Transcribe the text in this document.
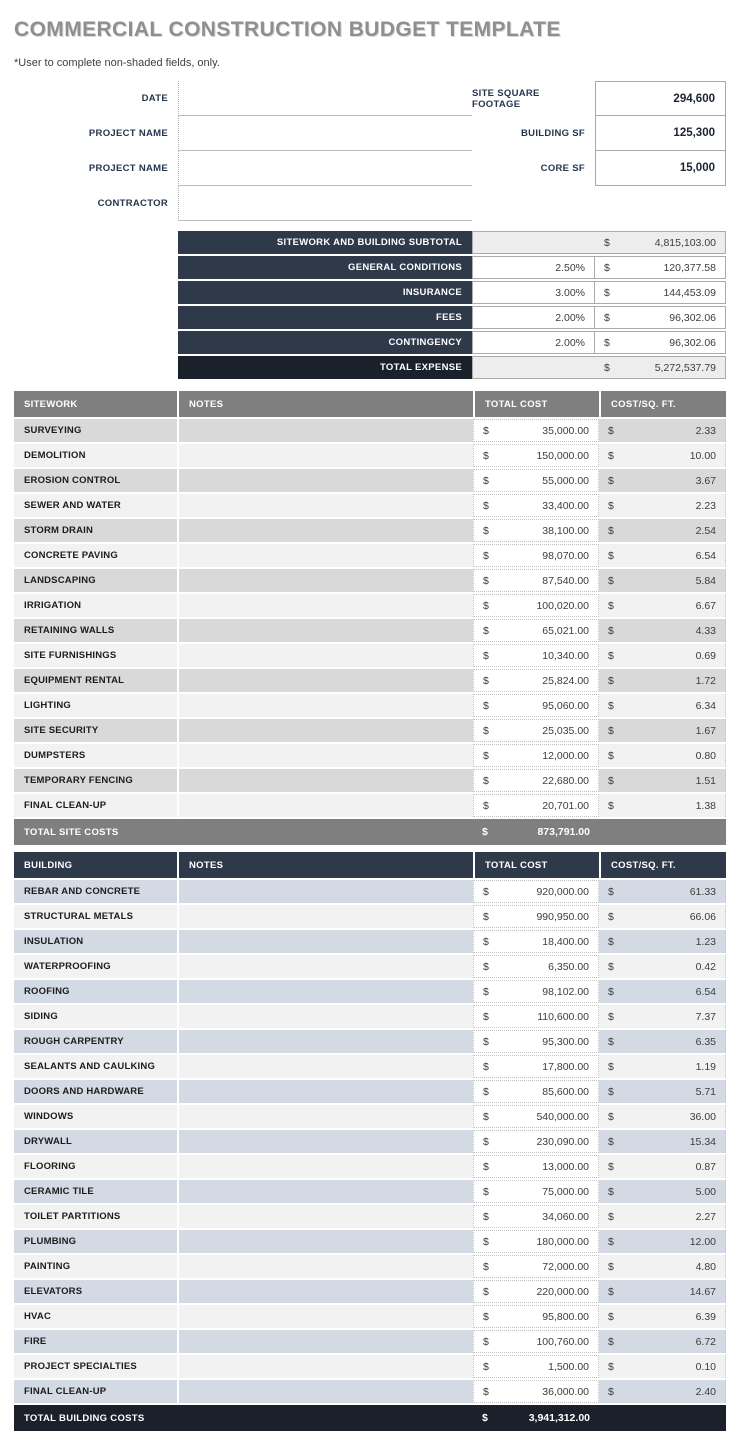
COMMERCIAL CONSTRUCTION BUDGET TEMPLATE
*User to complete non-shaded fields, only.
DATE
PROJECT NAME
PROJECT NAME
CONTRACTOR
SITE SQUARE FOOTAGE	294,600
BUILDING SF	125,300
CORE SF	15,000
SITEWORK AND BUILDING SUBTOTAL	$	4,815,103.00
GENERAL CONDITIONS	2.50%	$	120,377.58
INSURANCE	3.00%	$	144,453.09
FEES	2.00%	$	96,302.06
CONTINGENCY	2.00%	$	96,302.06
TOTAL EXPENSE	$	5,272,537.79
SITEWORK	NOTES	TOTAL COST	COST/SQ. FT.
SURVEYING	$	35,000.00 $	2.33
DEMOLITION	$	150,000.00 $	10.00
EROSION CONTROL	$	55,000.00 $	3.67
SEWER AND WATER	$	33,400.00 $	2.23
STORM DRAIN	$	38,100.00 $	2.54
CONCRETE PAVING	$	98,070.00 $	6.54
LANDSCAPING	$	87,540.00 $	5.84
IRRIGATION	$	100,020.00 $	6.67
RETAINING WALLS	$	65,021.00 $	4.33
SITE FURNISHINGS	$	10,340.00 $	0.69
EQUIPMENT RENTAL	$	25,824.00 $	1.72
LIGHTING	$	95,060.00 $	6.34
SITE SECURITY	$	25,035.00 $	1.67
DUMPSTERS	$	12,000.00 $	0.80
TEMPORARY FENCING	$	22,680.00 $	1.51
FINAL CLEAN-UP	$	20,701.00 $	1.38
TOTAL SITE COSTS	$	873,791.00
BUILDING	NOTES	TOTAL COST	COST/SQ. FT.
REBAR AND CONCRETE	$	920,000.00 $	61.33
STRUCTURAL METALS	$	990,950.00 $	66.06
INSULATION	$	18,400.00 $	1.23
WATERPROOFING	$	6,350.00 $	0.42
ROOFING	$	98,102.00 $	6.54
SIDING	$	110,600.00 $	7.37
ROUGH CARPENTRY	$	95,300.00 $	6.35
SEALANTS AND CAULKING	$	17,800.00 $	1.19
DOORS AND HARDWARE	$	85,600.00 $	5.71
WINDOWS	$	540,000.00 $	36.00
DRYWALL	$	230,090.00 $	15.34
FLOORING	$	13,000.00 $	0.87
CERAMIC TILE	$	75,000.00 $	5.00
TOILET PARTITIONS	$	34,060.00 $	2.27
PLUMBING	$	180,000.00 $	12.00
PAINTING	$	72,000.00 $	4.80
ELEVATORS	$	220,000.00 $	14.67
HVAC	$	95,800.00 $	6.39
FIRE	$	100,760.00 $	6.72
PROJECT SPECIALTIES	$	1,500.00 $	0.10
FINAL CLEAN-UP	$	36,000.00 $	2.40
TOTAL BUILDING COSTS	$	3,941,312.00
